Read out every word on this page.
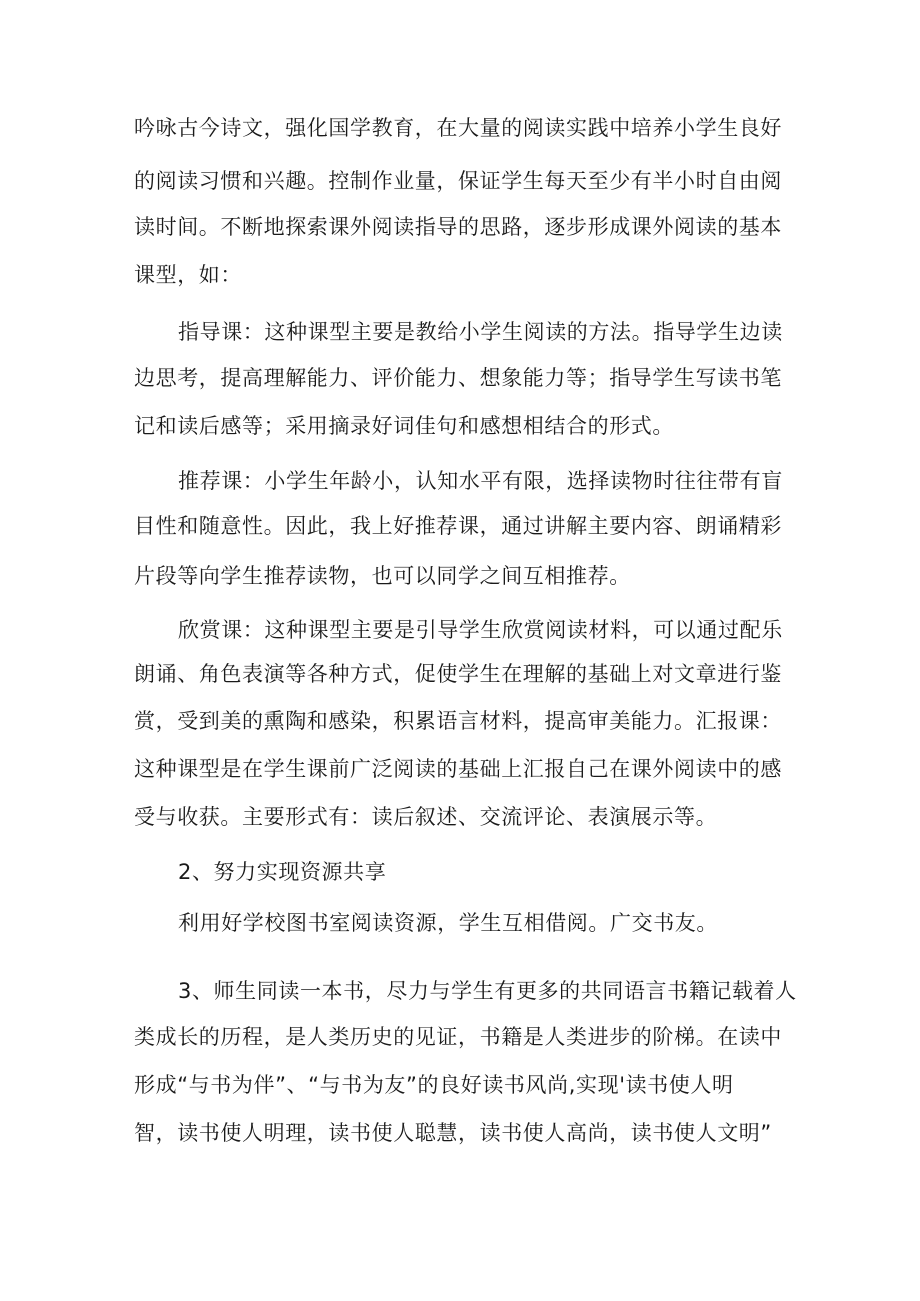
吟咏古今诗文，强化国学教育，在大量的阅读实践中培养小学生良好

的阅读习惯和兴趣。控制作业量，保证学生每天至少有半小时自由阅

读时间。不断地探索课外阅读指导的思路，逐步形成课外阅读的基本

课型，如：

指导课：这种课型主要是教给小学生阅读的方法。指导学生边读

边思考，提高理解能力、评价能力、想象能力等；指导学生写读书笔

记和读后感等；采用摘录好词佳句和感想相结合的形式。

推荐课：小学生年龄小，认知水平有限，选择读物时往往带有盲

目性和随意性。因此，我上好推荐课，通过讲解主要内容、朗诵精彩

片段等向学生推荐读物，也可以同学之间互相推荐。

欣赏课：这种课型主要是引导学生欣赏阅读材料，可以通过配乐

朗诵、角色表演等各种方式，促使学生在理解的基础上对文章进行鉴

赏，受到美的熏陶和感染，积累语言材料，提高审美能力。汇报课：

这种课型是在学生课前广泛阅读的基础上汇报自己在课外阅读中的感

受与收获。主要形式有：读后叙述、交流评论、表演展示等。

2、努力实现资源共享

利用好学校图书室阅读资源，学生互相借阅。广交书友。

3、师生同读一本书，尽力与学生有更多的共同语言书籍记载着人

类成长的历程，是人类历史的见证，书籍是人类进步的阶梯。在读中

形成“与书为伴”、“与书为友”的良好读书风尚,实现'读书使人明

智，读书使人明理，读书使人聪慧，读书使人高尚，读书使人文明”
